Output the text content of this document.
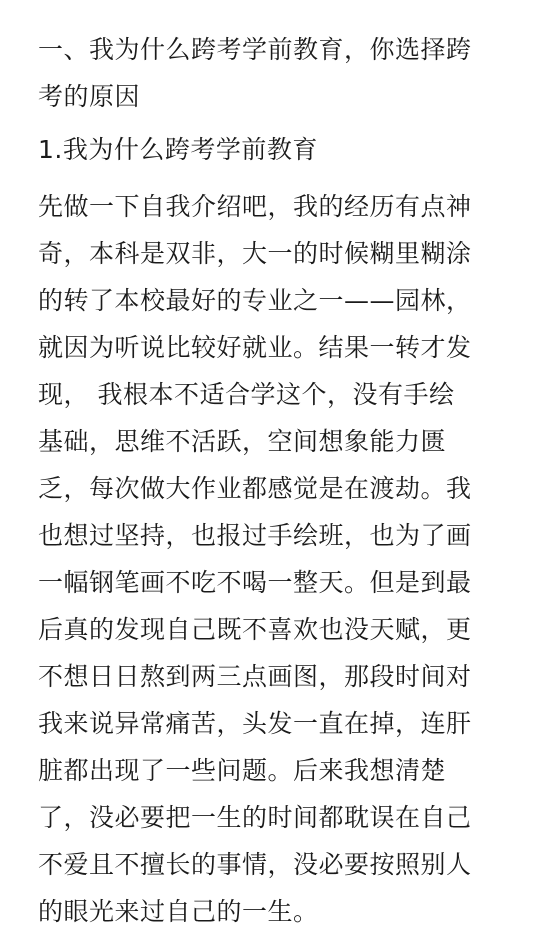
一、我为什么跨考学前教育，你选择跨
考的原因
1.我为什么跨考学前教育
先做一下自我介绍吧，我的经历有点神
奇，本科是双非，大一的时候糊里糊涂
的转了本校最好的专业之一——园林，
就因为听说比较好就业。结果一转才发
现， 我根本不适合学这个，没有手绘
基础，思维不活跃，空间想象能力匮
乏，每次做大作业都感觉是在渡劫。我
也想过坚持，也报过手绘班，也为了画
一幅钢笔画不吃不喝一整天。但是到最
后真的发现自己既不喜欢也没天赋，更
不想日日熬到两三点画图，那段时间对
我来说异常痛苦，头发一直在掉，连肝
脏都出现了一些问题。后来我想清楚
了，没必要把一生的时间都耽误在自己
不爱且不擅长的事情，没必要按照别人
的眼光来过自己的一生。
